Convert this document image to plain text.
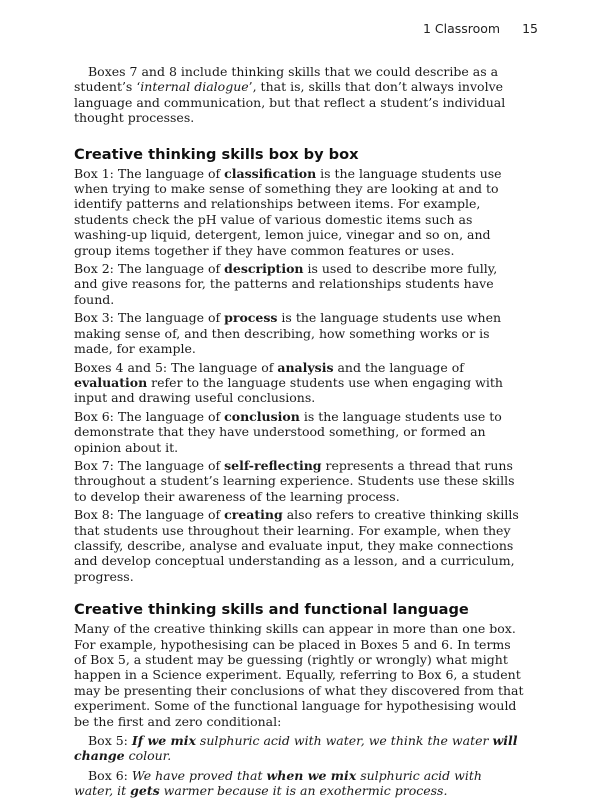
1 Classroom 15

Boxes 7 and 8 include thinking skills that we could describe as a student’s ‘internal dialogue’, that is, skills that don’t always involve language and communication, but that reflect a student’s individual thought processes.

Creative thinking skills box by box

Box 1: The language of classification is the language students use when trying to make sense of something they are looking at and to identify patterns and relationships between items. For example, students check the pH value of various domestic items such as washing-up liquid, detergent, lemon juice, vinegar and so on, and group items together if they have common features or uses.

Box 2: The language of description is used to describe more fully, and give reasons for, the patterns and relationships students have found.

Box 3: The language of process is the language students use when making sense of, and then describing, how something works or is made, for example.

Boxes 4 and 5: The language of analysis and the language of evaluation refer to the language students use when engaging with input and drawing useful conclusions.

Box 6: The language of conclusion is the language students use to demonstrate that they have understood something, or formed an opinion about it.

Box 7: The language of self-reflecting represents a thread that runs throughout a student’s learning experience. Students use these skills to develop their awareness of the learning process.

Box 8: The language of creating also refers to creative thinking skills that students use throughout their learning. For example, when they classify, describe, analyse and evaluate input, they make connections and develop conceptual understanding as a lesson, and a curriculum, progress.

Creative thinking skills and functional language

Many of the creative thinking skills can appear in more than one box. For example, hypothesising can be placed in Boxes 5 and 6. In terms of Box 5, a student may be guessing (rightly or wrongly) what might happen in a Science experiment. Equally, referring to Box 6, a student may be presenting their conclusions of what they discovered from that experiment. Some of the functional language for hypothesising would be the first and zero conditional:

Box 5: If we mix sulphuric acid with water, we think the water will change colour.

Box 6: We have proved that when we mix sulphuric acid with water, it gets warmer because it is an exothermic process.
